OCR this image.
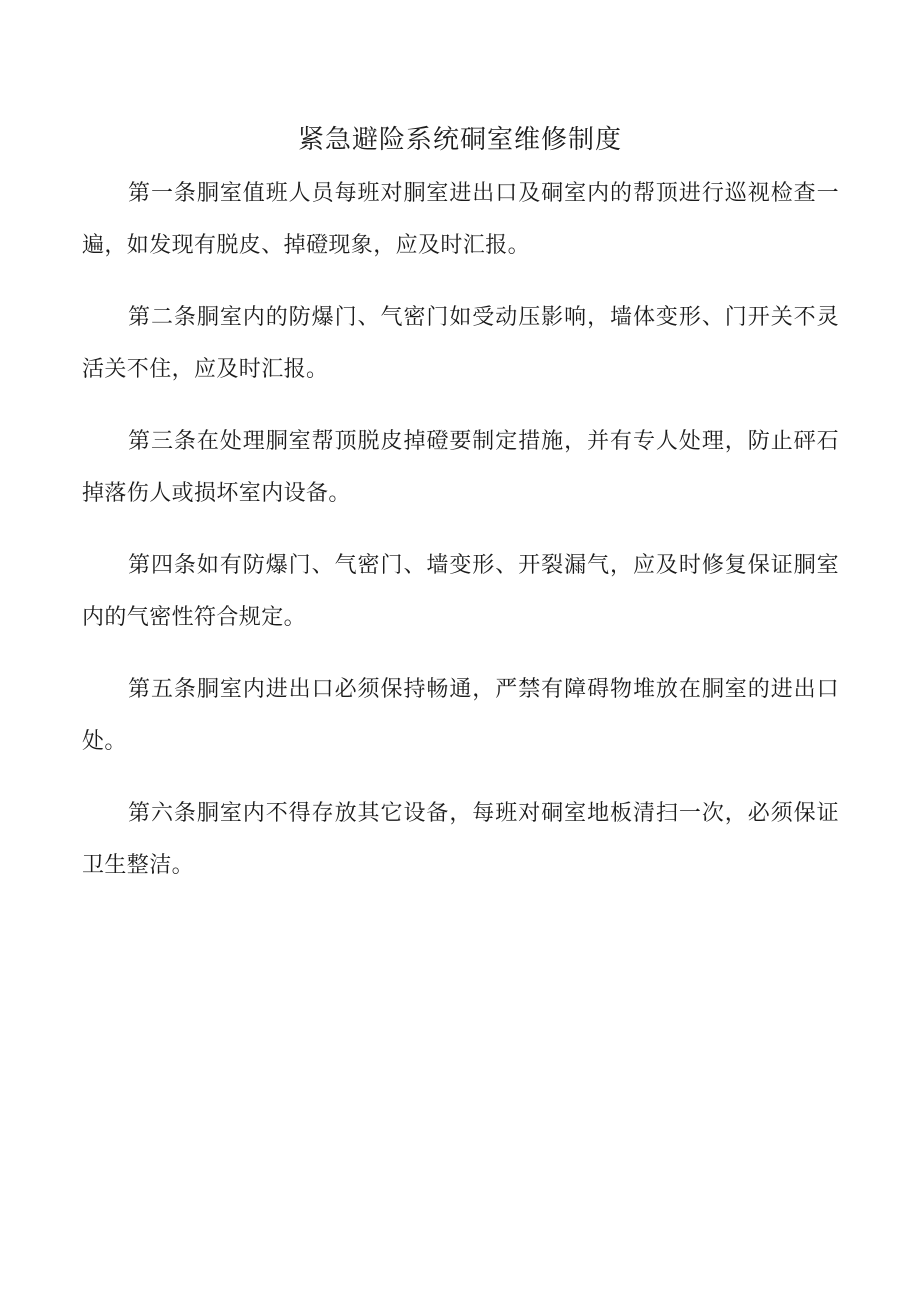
紧急避险系统硐室维修制度

第一条胴室值班人员每班对胴室进出口及硐室内的帮顶进行巡视检查一遍，如发现有脱皮、掉磴现象，应及时汇报。

第二条胴室内的防爆门、气密门如受动压影响，墙体变形、门开关不灵活关不住，应及时汇报。

第三条在处理胴室帮顶脱皮掉磴要制定措施，并有专人处理，防止砰石掉落伤人或损坏室内设备。

第四条如有防爆门、气密门、墙变形、开裂漏气，应及时修复保证胴室内的气密性符合规定。

第五条胴室内进出口必须保持畅通，严禁有障碍物堆放在胴室的进出口处。

第六条胴室内不得存放其它设备，每班对硐室地板清扫一次，必须保证卫生整洁。
